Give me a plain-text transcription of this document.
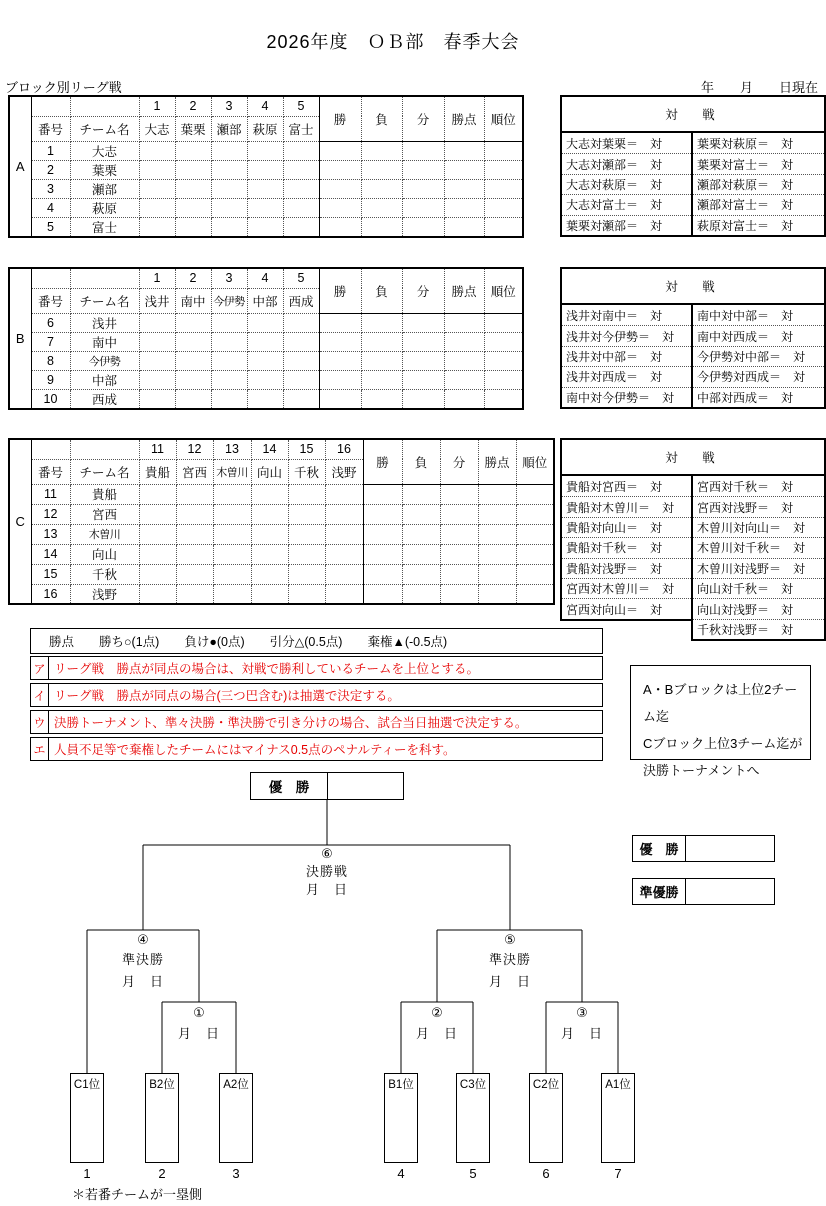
2026年度　ＯＢ部　春季大会
ブロック別リーグ戦	年　　月　　日現在
A			1	2	3	4	5	勝	負	分	勝点	順位
	番号	チーム名	大志	葉栗	瀬部	萩原	富士					
	1	大志										
	2	葉栗										
	3	瀬部										
	4	萩原										
	5	富士										
対　戦
大志対葉栗＝　対
大志対瀬部＝　対
大志対萩原＝　対
大志対富士＝　対
葉栗対瀬部＝　対
葉栗対萩原＝　対
葉栗対富士＝　対
瀬部対萩原＝　対
瀬部対富士＝　対
萩原対富士＝　対
B			1	2	3	4	5	勝	負	分	勝点	順位
	番号	チーム名	浅井	南中	今伊勢	中部	西成					
	6	浅井										
	7	南中										
	8	今伊勢										
	9	中部										
	10	西成										
対　戦
浅井対南中＝　対
浅井対今伊勢＝　対
浅井対中部＝　対
浅井対西成＝　対
南中対今伊勢＝　対
南中対中部＝　対
南中対西成＝　対
今伊勢対中部＝　対
今伊勢対西成＝　対
中部対西成＝　対
C			11	12	13	14	15	16	勝	負	分	勝点	順位
	番号	チーム名	貴船	宮西	木曽川	向山	千秋	浅野					
	11	貴船											
	12	宮西											
	13	木曽川											
	14	向山											
	15	千秋											
	16	浅野											
対　戦
貴船対宮西＝　対
貴船対木曽川＝　対
貴船対向山＝　対
貴船対千秋＝　対
貴船対浅野＝　対
宮西対木曽川＝　対
宮西対向山＝　対
宮西対千秋＝　対
宮西対浅野＝　対
木曽川対向山＝　対
木曽川対千秋＝　対
木曽川対浅野＝　対
向山対千秋＝　対
向山対浅野＝　対
千秋対浅野＝　対
勝点　　勝ち○(1点)　　負け●(0点)　　引分△(0.5点)　　棄権▲(-0.5点)
ア リーグ戦　勝点が同点の場合は、対戦で勝利しているチームを上位とする。
イ リーグ戦　勝点が同点の場合(三つ巴含む)は抽選で決定する。
ウ 決勝トーナメント、準々決勝・準決勝で引き分けの場合、試合当日抽選で決定する。
エ 人員不足等で棄権したチームにはマイナス0.5点のペナルティーを科す。
A・Bブロックは上位2チーム迄
Cブロック上位3チーム迄が
決勝トーナメントへ
優　勝
⑥
決勝戦
月　日
④
準決勝
月　日
⑤
準決勝
月　日
①
月　日
②
月　日
③
月　日
C1位
1
B2位
2
A2位
3
B1位
4
C3位
5
C2位
6
A1位
7
優　勝
準優勝
＊若番チームが一塁側
